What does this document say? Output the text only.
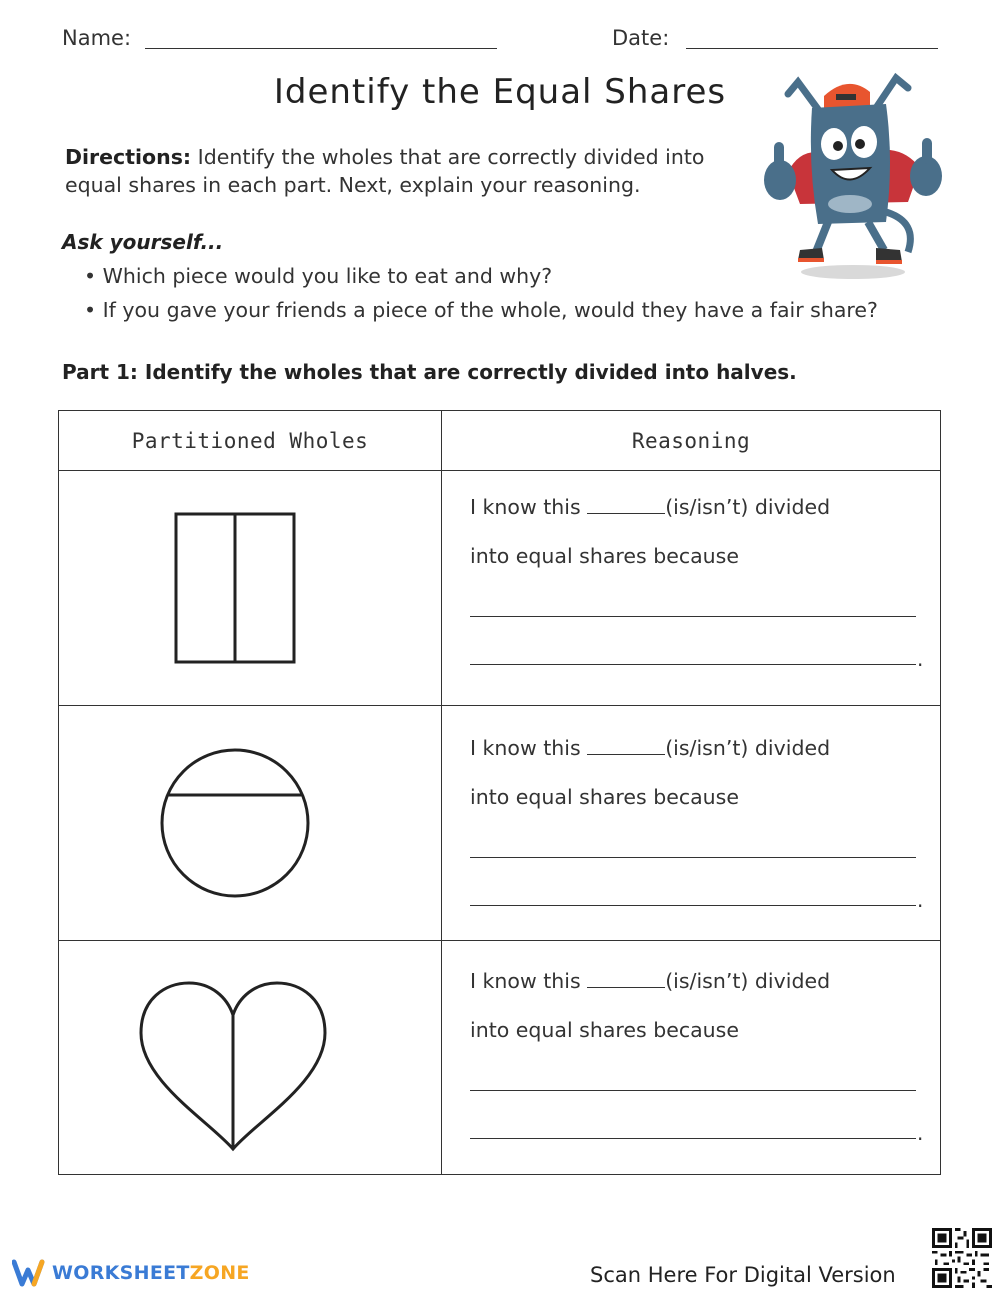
Name:	Date:
Identify the Equal Shares
Directions: Identify the wholes that are correctly divided into
equal shares in each part. Next, explain your reasoning.
Ask yourself...
• Which piece would you like to eat and why?
• If you gave your friends a piece of the whole, would they have a fair share?
Part 1: Identify the wholes that are correctly divided into halves.
Partitioned Wholes	Reasoning
I know this	(is/isn’t) divided
into equal shares because
.
I know this	(is/isn’t) divided
into equal shares because
.
I know this	(is/isn’t) divided
into equal shares because
.
WORKSHEETZONE	Scan Here For Digital Version
